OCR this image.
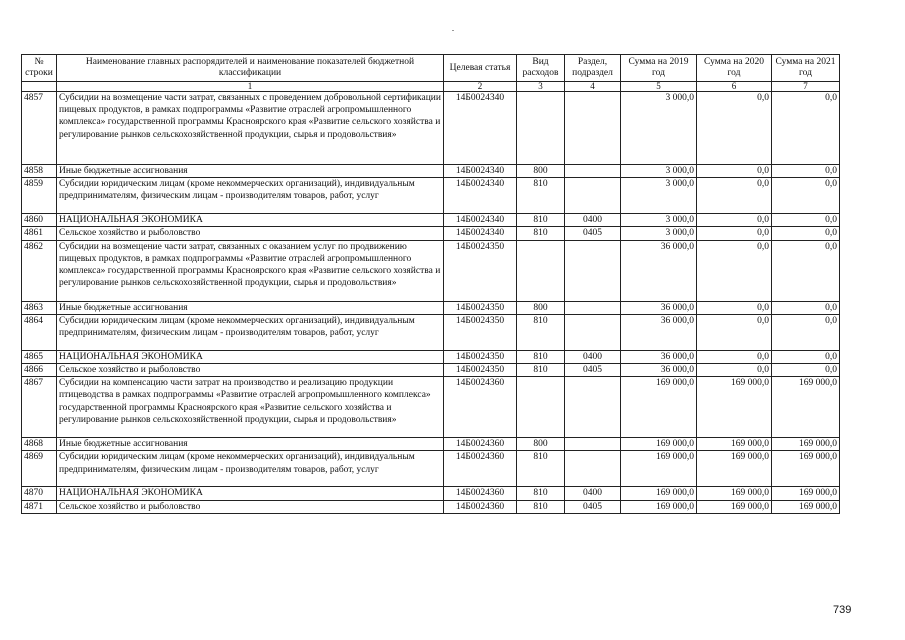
№ строки	Наименование главных распорядителей и наименование показателей бюджетной классификации	Целевая статья	Вид расходов	Раздел, подраздел	Сумма на 2019 год	Сумма на 2020 год	Сумма на 2021 год
	1	2	3	4	5	6	7
4857	Субсидии на возмещение части затрат, связанных с проведением добровольной сертификации пищевых продуктов, в рамках подпрограммы «Развитие отраслей агропромышленного комплекса» государственной программы Красноярского края «Развитие сельского хозяйства и регулирование рынков сельскохозяйственной продукции, сырья и продовольствия»	14Б0024340			3 000,0	0,0	0,0
4858	Иные бюджетные ассигнования	14Б0024340	800		3 000,0	0,0	0,0
4859	Субсидии юридическим лицам (кроме некоммерческих организаций), индивидуальным предпринимателям, физическим лицам - производителям товаров, работ, услуг	14Б0024340	810		3 000,0	0,0	0,0
4860	НАЦИОНАЛЬНАЯ ЭКОНОМИКА	14Б0024340	810	0400	3 000,0	0,0	0,0
4861	Сельское хозяйство и рыболовство	14Б0024340	810	0405	3 000,0	0,0	0,0
4862	Субсидии на возмещение части затрат, связанных с оказанием услуг по продвижению пищевых продуктов, в рамках подпрограммы «Развитие отраслей агропромышленного комплекса» государственной программы Красноярского края «Развитие сельского хозяйства и регулирование рынков сельскохозяйственной продукции, сырья и продовольствия»	14Б0024350			36 000,0	0,0	0,0
4863	Иные бюджетные ассигнования	14Б0024350	800		36 000,0	0,0	0,0
4864	Субсидии юридическим лицам (кроме некоммерческих организаций), индивидуальным предпринимателям, физическим лицам - производителям товаров, работ, услуг	14Б0024350	810		36 000,0	0,0	0,0
4865	НАЦИОНАЛЬНАЯ ЭКОНОМИКА	14Б0024350	810	0400	36 000,0	0,0	0,0
4866	Сельское хозяйство и рыболовство	14Б0024350	810	0405	36 000,0	0,0	0,0
4867	Субсидии на компенсацию части затрат на производство и реализацию продукции птицеводства в рамках подпрограммы «Развитие отраслей агропромышленного комплекса» государственной программы Красноярского края «Развитие сельского хозяйства и регулирование рынков сельскохозяйственной продукции, сырья и продовольствия»	14Б0024360			169 000,0	169 000,0	169 000,0
4868	Иные бюджетные ассигнования	14Б0024360	800		169 000,0	169 000,0	169 000,0
4869	Субсидии юридическим лицам (кроме некоммерческих организаций), индивидуальным предпринимателям, физическим лицам - производителям товаров, работ, услуг	14Б0024360	810		169 000,0	169 000,0	169 000,0
4870	НАЦИОНАЛЬНАЯ ЭКОНОМИКА	14Б0024360	810	0400	169 000,0	169 000,0	169 000,0
4871	Сельское хозяйство и рыболовство	14Б0024360	810	0405	169 000,0	169 000,0	169 000,0
739
